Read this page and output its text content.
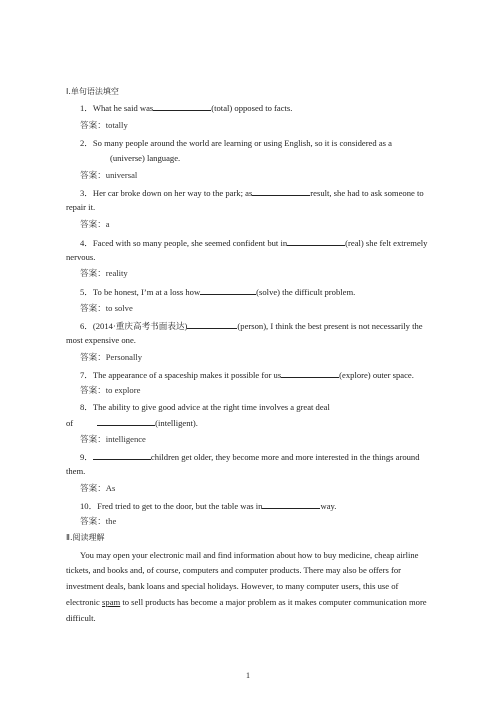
Ⅰ.单句语法填空
1．What he said was	(total) opposed to facts.
答案：totally
2．So many people around the world are learning or using English, so it is considered as a
(universe) language.
答案：universal
3．Her car broke down on her way to the park; as	result, she had to ask someone to
repair it.
答案：a
4．Faced with so many people, she seemed confident but in	(real) she felt extremely
nervous.
答案：reality
5．To be honest, I’m at a loss how	(solve) the difficult problem.
答案：to solve
6．(2014·重庆高考书面表达)	(person), I think the best present is not necessarily the
most expensive one.
答案：Personally
7．The appearance of a spaceship makes it possible for us	(explore) outer space.
答案：to explore
8．The ability to give good advice at the right time involves a great deal
of	(intelligent).
答案：intelligence
9．	children get older, they become more and more interested in the things around
them.
答案：As
10．Fred tried to get to the door, but the table was in	way.
答案：the
Ⅱ.阅读理解
You may open your electronic mail and find information about how to buy medicine, cheap airline
tickets, and books and, of course, computers and computer products. There may also be offers for
investment deals, bank loans and special holidays. However, to many computer users, this use of
electronic spam to sell products has become a major problem as it makes computer communication more
difficult.
1
